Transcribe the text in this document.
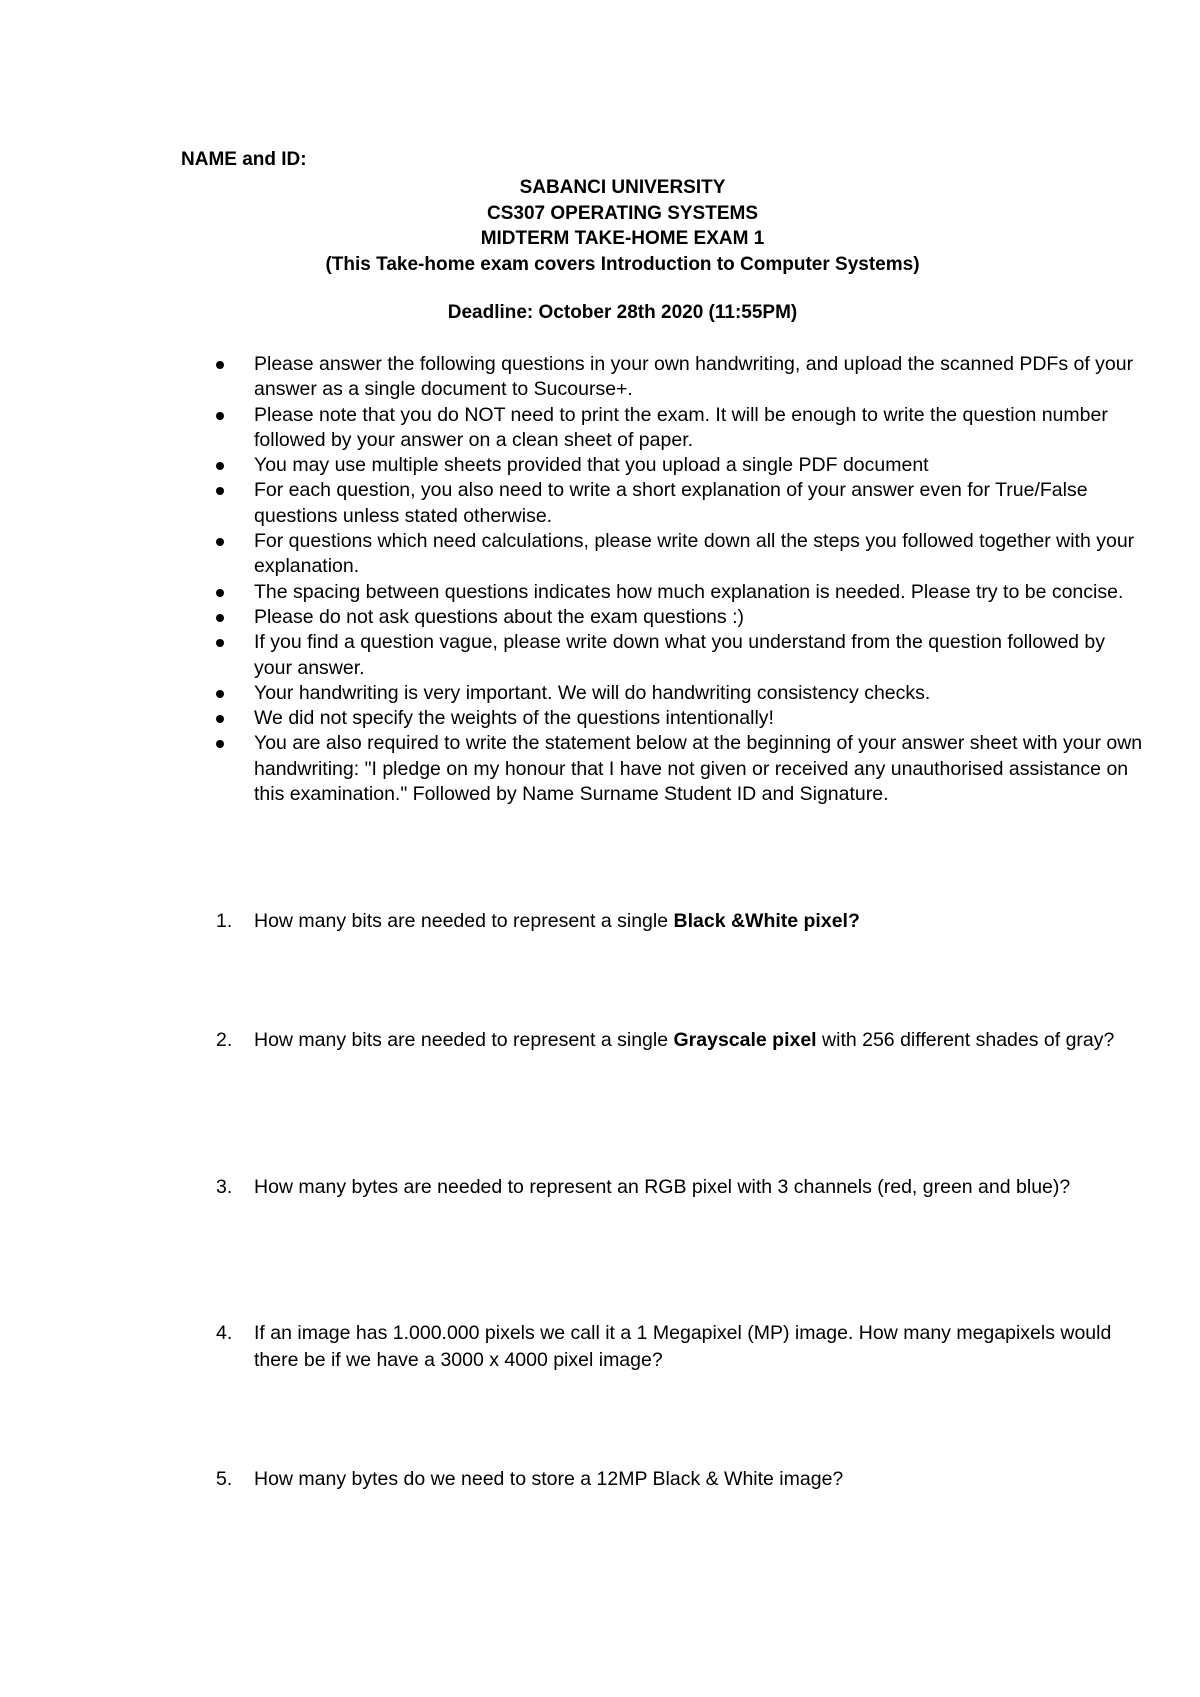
NAME and ID:
SABANCI UNIVERSITY
CS307 OPERATING SYSTEMS
MIDTERM TAKE-HOME EXAM 1
(This Take-home exam covers Introduction to Computer Systems)
Deadline: October 28th 2020 (11:55PM)
Please answer the following questions in your own handwriting, and upload the scanned PDFs of your answer as a single document to Sucourse+.
Please note that you do NOT need to print the exam. It will be enough to write the question number followed by your answer on a clean sheet of paper.
You may use multiple sheets provided that you upload a single PDF document
For each question, you also need to write a short explanation of your answer even for True/False questions unless stated otherwise.
For questions which need calculations, please write down all the steps you followed together with your explanation.
The spacing between questions indicates how much explanation is needed. Please try to be concise.
Please do not ask questions about the exam questions :)
If you find a question vague, please write down what you understand from the question followed by your answer.
Your handwriting is very important. We will do handwriting consistency checks.
We did not specify the weights of the questions intentionally!
You are also required to write the statement below at the beginning of your answer sheet with your own handwriting: "I pledge on my honour that I have not given or received any unauthorised assistance on this examination." Followed by Name Surname Student ID and Signature.
1. How many bits are needed to represent a single Black &White pixel?
2. How many bits are needed to represent a single Grayscale pixel with 256 different shades of gray?
3. How many bytes are needed to represent an RGB pixel with 3 channels (red, green and blue)?
4. If an image has 1.000.000 pixels we call it a 1 Megapixel (MP) image. How many megapixels would there be if we have a 3000 x 4000 pixel image?
5. How many bytes do we need to store a 12MP Black & White image?
